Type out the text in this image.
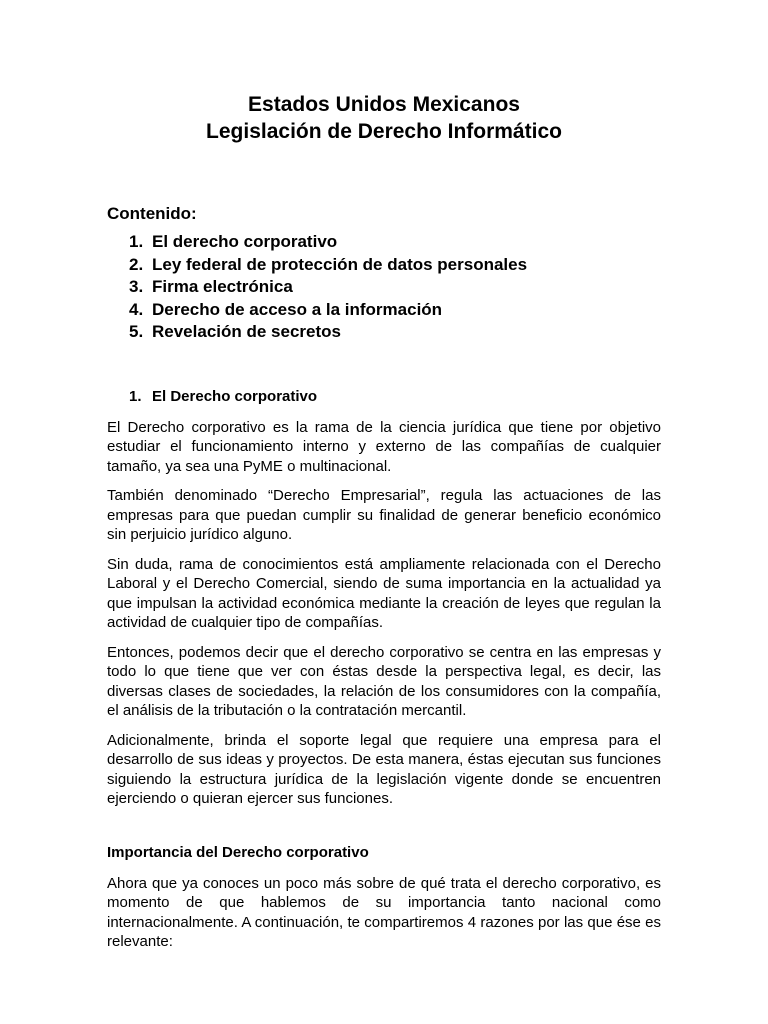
Estados Unidos Mexicanos
Legislación de Derecho Informático

Contenido:

1. El derecho corporativo
2. Ley federal de protección de datos personales
3. Firma electrónica
4. Derecho de acceso a la información
5. Revelación de secretos
1. El Derecho corporativo

El Derecho corporativo es la rama de la ciencia jurídica que tiene por objetivo estudiar el funcionamiento interno y externo de las compañías de cualquier tamaño, ya sea una PyME o multinacional.

También denominado “Derecho Empresarial”, regula las actuaciones de las empresas para que puedan cumplir su finalidad de generar beneficio económico sin perjuicio jurídico alguno.

Sin duda, rama de conocimientos está ampliamente relacionada con el Derecho Laboral y el Derecho Comercial, siendo de suma importancia en la actualidad ya que impulsan la actividad económica mediante la creación de leyes que regulan la actividad de cualquier tipo de compañías.

Entonces, podemos decir que el derecho corporativo se centra en las empresas y todo lo que tiene que ver con éstas desde la perspectiva legal, es decir, las diversas clases de sociedades, la relación de los consumidores con la compañía, el análisis de la tributación o la contratación mercantil.

Adicionalmente, brinda el soporte legal que requiere una empresa para el desarrollo de sus ideas y proyectos. De esta manera, éstas ejecutan sus funciones siguiendo la estructura jurídica de la legislación vigente donde se encuentren ejerciendo o quieran ejercer sus funciones.

Importancia del Derecho corporativo

Ahora que ya conoces un poco más sobre de qué trata el derecho corporativo, es momento de que hablemos de su importancia tanto nacional como internacionalmente. A continuación, te compartiremos 4 razones por las que ése es relevante:
